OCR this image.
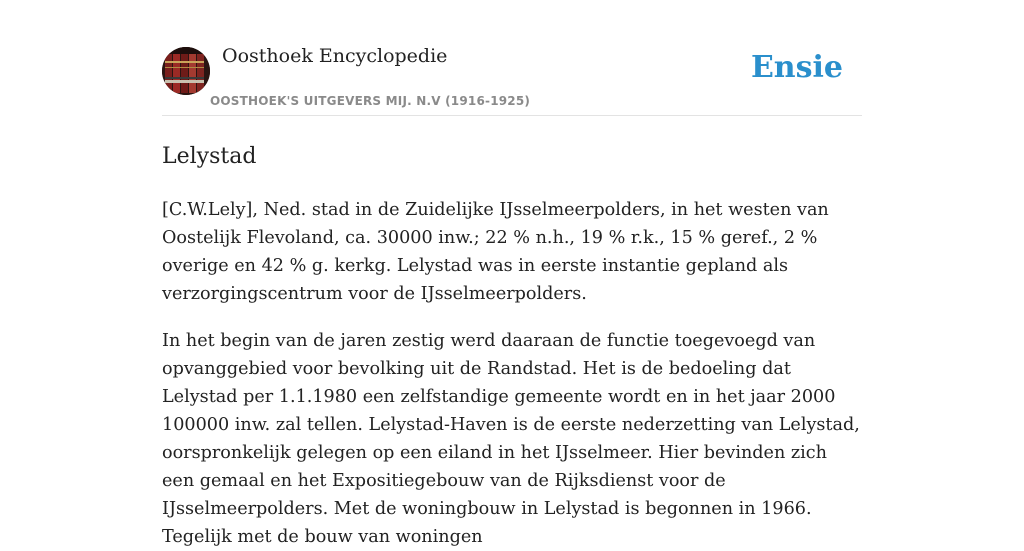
Oosthoek Encyclopedie
OOSTHOEK'S UITGEVERS MIJ. N.V (1916-1925)
Ensie
Lelystad

[C.W.Lely], Ned. stad in de Zuidelijke IJsselmeerpolders, in het westen van Oostelijk Flevoland, ca. 30000 inw.; 22 % n.h., 19 % r.k., 15 % geref., 2 % overige en 42 % g. kerkg. Lelystad was in eerste instantie gepland als verzorgingscentrum voor de IJsselmeerpolders.

In het begin van de jaren zestig werd daaraan de functie toegevoegd van opvanggebied voor bevolking uit de Randstad. Het is de bedoeling dat Lelystad per 1.1.1980 een zelfstandige gemeente wordt en in het jaar 2000 100000 inw. zal tellen. Lelystad-Haven is de eerste nederzetting van Lelystad, oorspronkelijk gelegen op een eiland in het IJsselmeer. Hier bevinden zich een gemaal en het Expositiegebouw van de Rijksdienst voor de IJsselmeerpolders. Met de woningbouw in Lelystad is begonnen in 1966. Tegelijk met de bouw van woningen
